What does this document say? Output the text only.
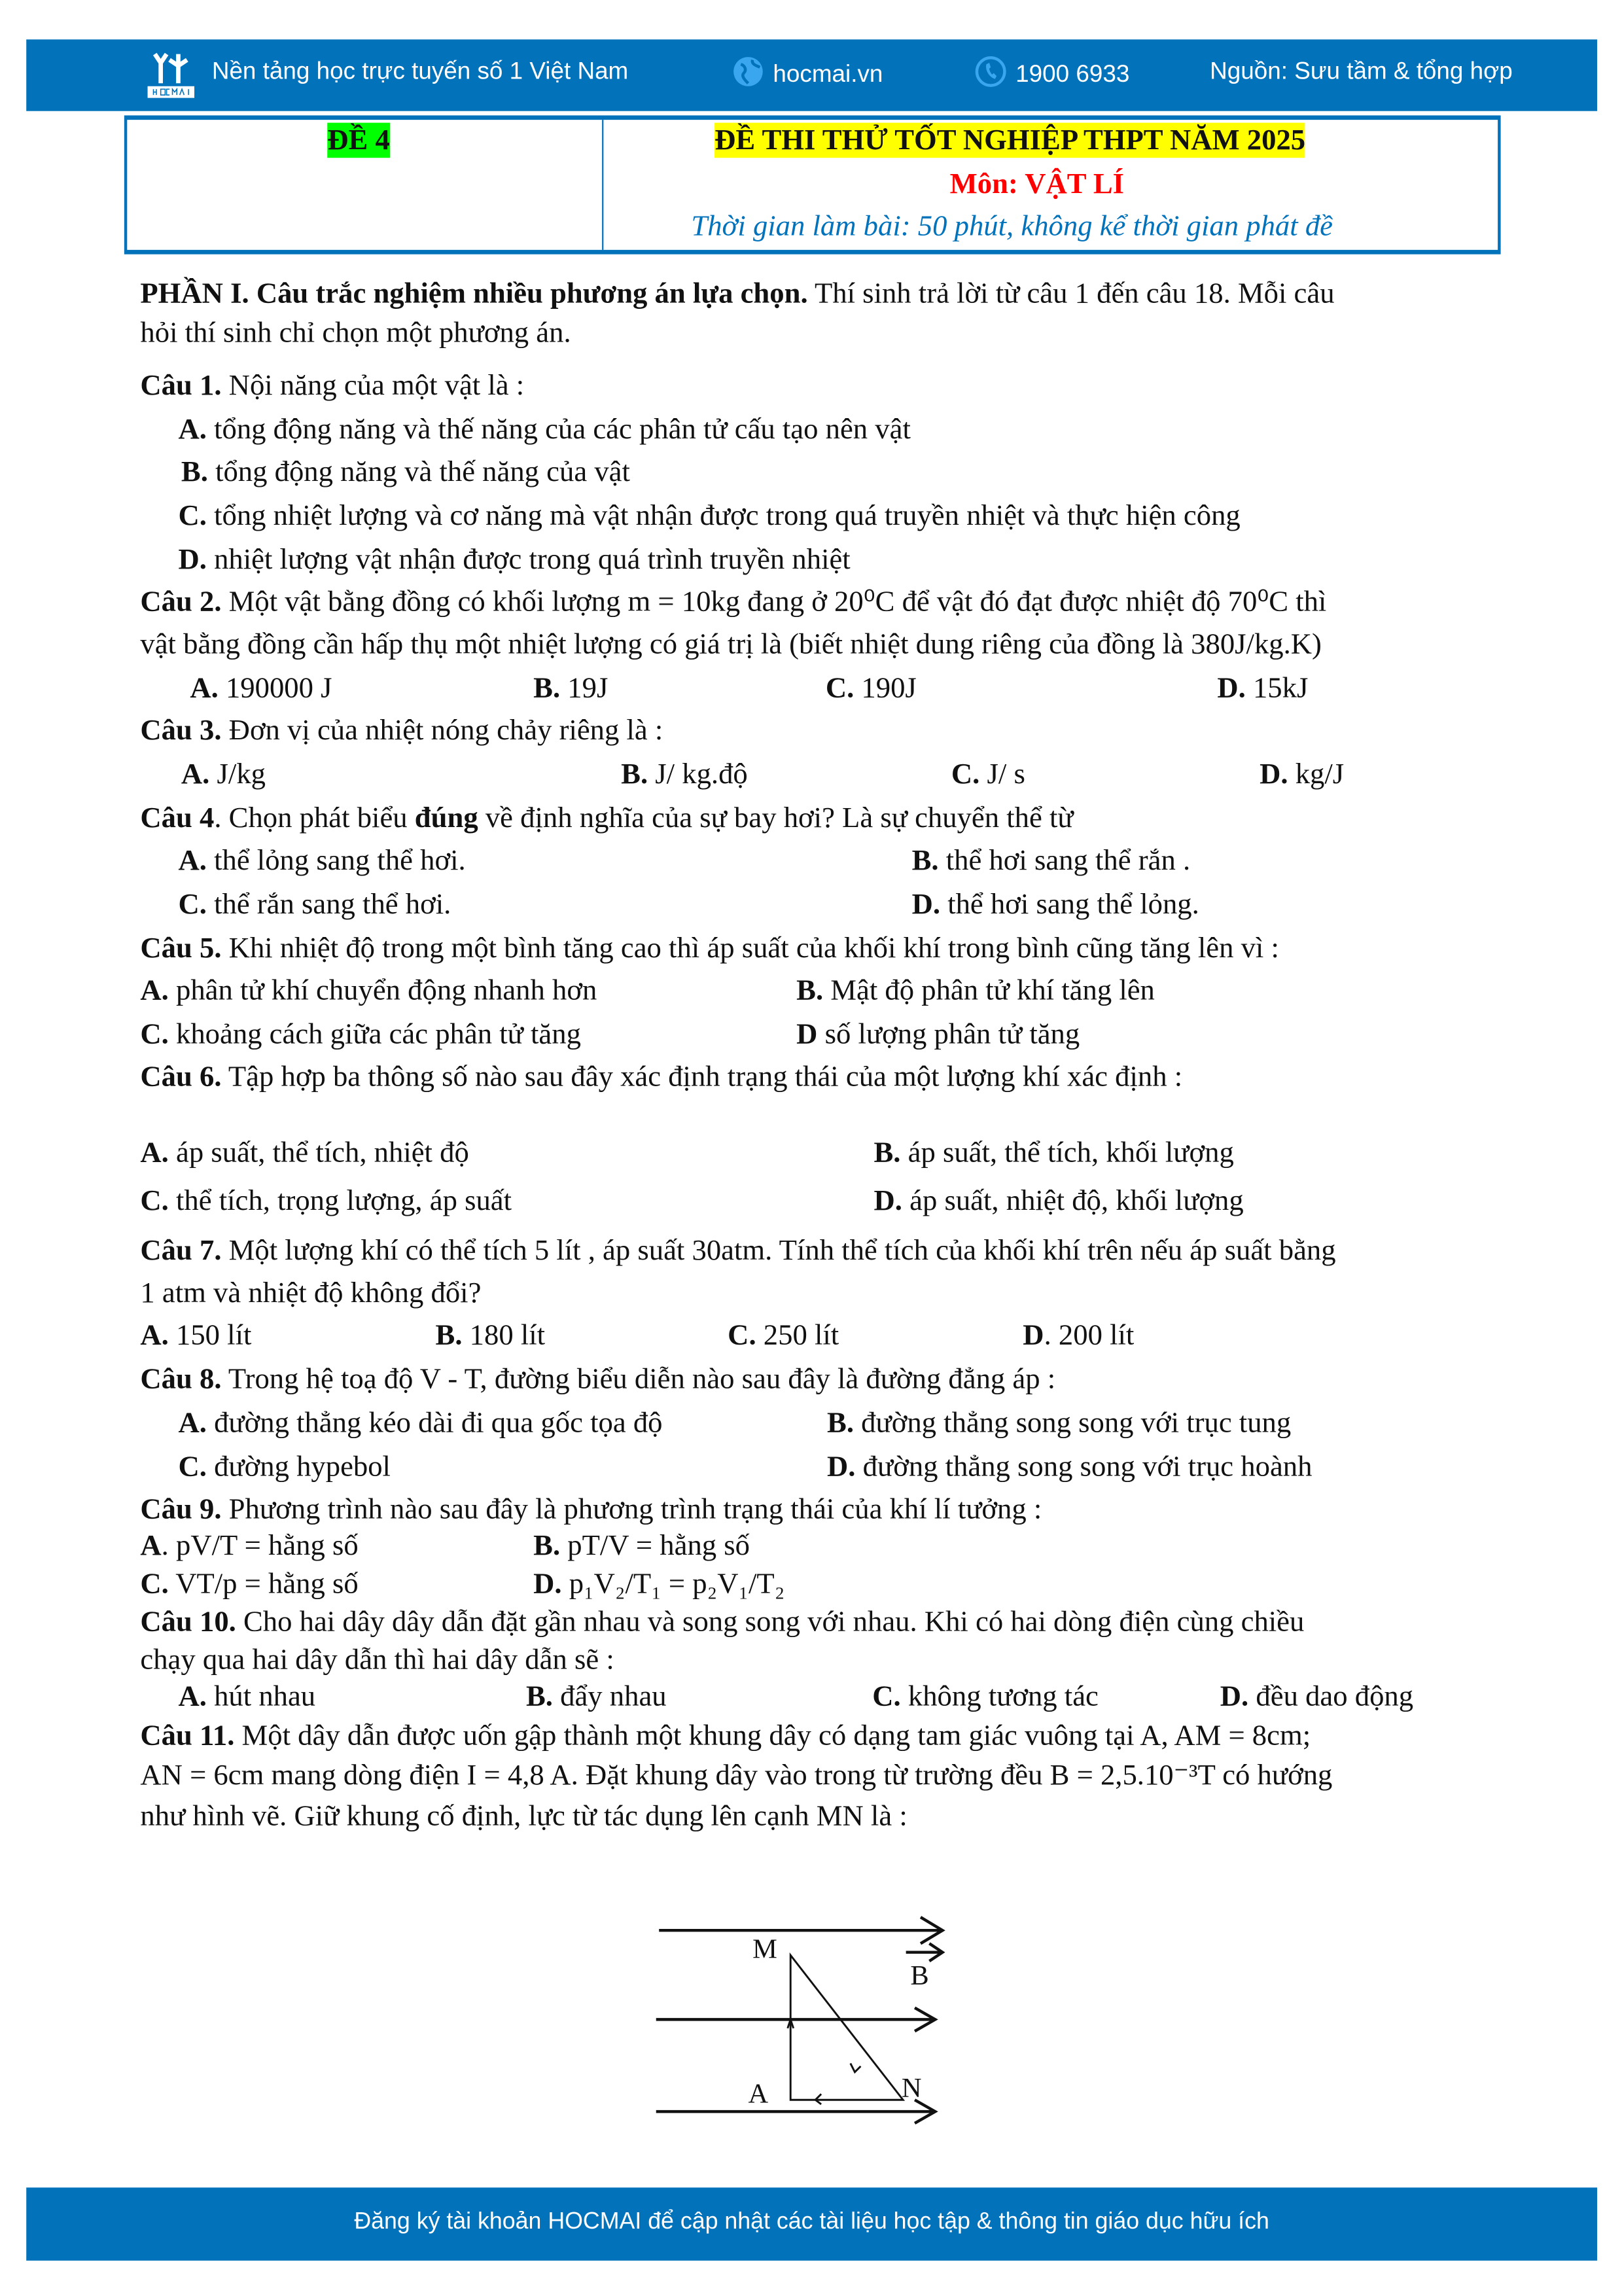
Nền tảng học trực tuyến số 1 Việt Nam	hocmai.vn	1900 6933	Nguồn: Sưu tầm & tổng hợp
ĐỀ 4	ĐỀ THI THỬ TỐT NGHIỆP THPT NĂM 2025
Môn: VẬT LÍ
Thời gian làm bài: 50 phút, không kể thời gian phát đề
PHẦN I. Câu trắc nghiệm nhiều phương án lựa chọn. Thí sinh trả lời từ câu 1 đến câu 18. Mỗi câu
hỏi thí sinh chỉ chọn một phương án.
Câu 1. Nội năng của một vật là :
A. tổng động năng và thế năng của các phân tử cấu tạo nên vật
B. tổng động năng và thế năng của vật
C. tổng nhiệt lượng và cơ năng mà vật nhận được trong quá truyền nhiệt và thực hiện công
D. nhiệt lượng vật nhận được trong quá trình truyền nhiệt
Câu 2. Một vật bằng đồng có khối lượng m = 10kg đang ở 20⁰C để vật đó đạt được nhiệt độ 70⁰C thì
vật bằng đồng cần hấp thụ một nhiệt lượng có giá trị là (biết nhiệt dung riêng của đồng là 380J/kg.K)
A. 190000 J	B. 19J	C. 190J	D. 15kJ
Câu 3. Đơn vị của nhiệt nóng chảy riêng là :
A. J/kg	B. J/ kg.độ	C. J/ s	D. kg/J
Câu 4. Chọn phát biểu đúng về định nghĩa của sự bay hơi? Là sự chuyển thể từ
A. thể lỏng sang thể hơi.	B. thể hơi sang thể rắn .
C. thể rắn sang thể hơi.	D. thể hơi sang thể lỏng.
Câu 5. Khi nhiệt độ trong một bình tăng cao thì áp suất của khối khí trong bình cũng tăng lên vì :
A. phân tử khí chuyển động nhanh hơn	B. Mật độ phân tử khí tăng lên
C. khoảng cách giữa các phân tử tăng	D số lượng phân tử tăng
Câu 6. Tập hợp ba thông số nào sau đây xác định trạng thái của một lượng khí xác định :
A. áp suất, thể tích, nhiệt độ	B. áp suất, thể tích, khối lượng
C. thể tích, trọng lượng, áp suất	D. áp suất, nhiệt độ, khối lượng
Câu 7. Một lượng khí có thể tích 5 lít , áp suất 30atm. Tính thể tích của khối khí trên nếu áp suất bằng
1 atm và nhiệt độ không đổi?
A. 150 lít	B. 180 lít	C. 250 lít	D. 200 lít
Câu 8. Trong hệ toạ độ V - T, đường biểu diễn nào sau đây là đường đẳng áp :
A. đường thẳng kéo dài đi qua gốc tọa độ	B. đường thẳng song song với trục tung
C. đường hypebol	D. đường thẳng song song với trục hoành
Câu 9. Phương trình nào sau đây là phương trình trạng thái của khí lí tưởng :
A. pV/T = hằng số	B. pT/V = hằng số
C. VT/p = hằng số	D. p₁V₂/T₁ = p₂V₁/T₂
Câu 10. Cho hai dây dây dẫn đặt gần nhau và song song với nhau. Khi có hai dòng điện cùng chiều
chạy qua hai dây dẫn thì hai dây dẫn sẽ :
A. hút nhau	B. đẩy nhau	C. không tương tác	D. đều dao động
Câu 11. Một dây dẫn được uốn gập thành một khung dây có dạng tam giác vuông tại A, AM = 8cm;
AN = 6cm mang dòng điện I = 4,8 A. Đặt khung dây vào trong từ trường đều B = 2,5.10⁻³T có hướng
như hình vẽ. Giữ khung cố định, lực từ tác dụng lên cạnh MN là :
M
B
A	N
Đăng ký tài khoản HOCMAI để cập nhật các tài liệu học tập & thông tin giáo dục hữu ích
